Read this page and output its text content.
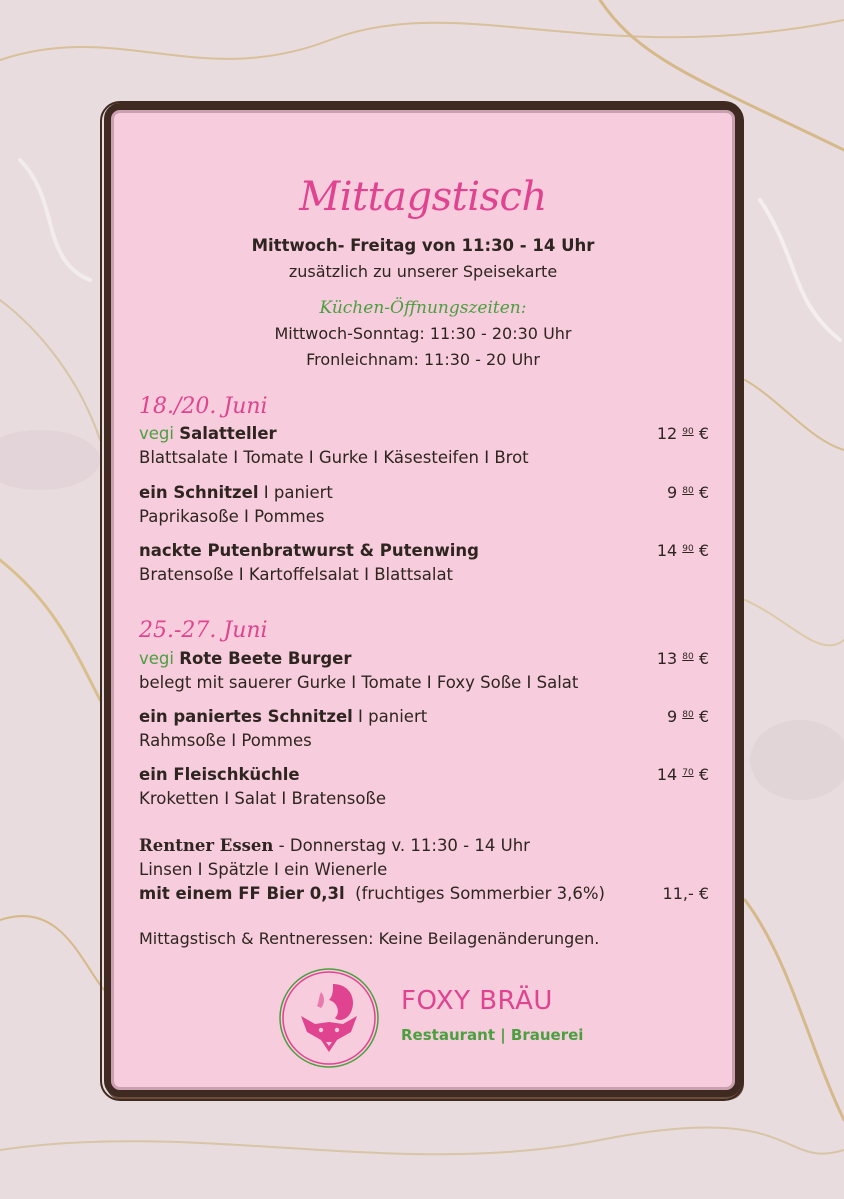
Mittagstisch
Mittwoch- Freitag von 11:30 - 14 Uhr
zusätzlich zu unserer Speisekarte
Küchen-Öffnungszeiten:
Mittwoch-Sonntag: 11:30 - 20:30 Uhr
Fronleichnam: 11:30 - 20 Uhr
18./20. Juni
vegi Salatteller	12 $^{90}$ €
Blattsalate I Tomate I Gurke I Käsesteifen I Brot
ein Schnitzel I paniert	9 $^{80}$ €
Paprikasoße I Pommes
nackte Putenbratwurst & Putenwing	14 $^{90}$ €
Bratensoße I Kartoffelsalat I Blattsalat
25.-27. Juni
vegi Rote Beete Burger	13 $^{80}$ €
belegt mit sauerer Gurke I Tomate I Foxy Soße I Salat
ein paniertes Schnitzel I paniert	9 $^{80}$ €
Rahmsoße I Pommes
ein Fleischküchle	14 $^{70}$ €
Kroketten I Salat I Bratensoße
Rentner Essen - Donnerstag v. 11:30 - 14 Uhr
Linsen I Spätzle I ein Wienerle
mit einem FF Bier 0,3l  (fruchtiges Sommerbier 3,6%)	11,- €
Mittagstisch & Rentneressen: Keine Beilagenänderungen.
FOXY BRÄU
Restaurant | Brauerei
